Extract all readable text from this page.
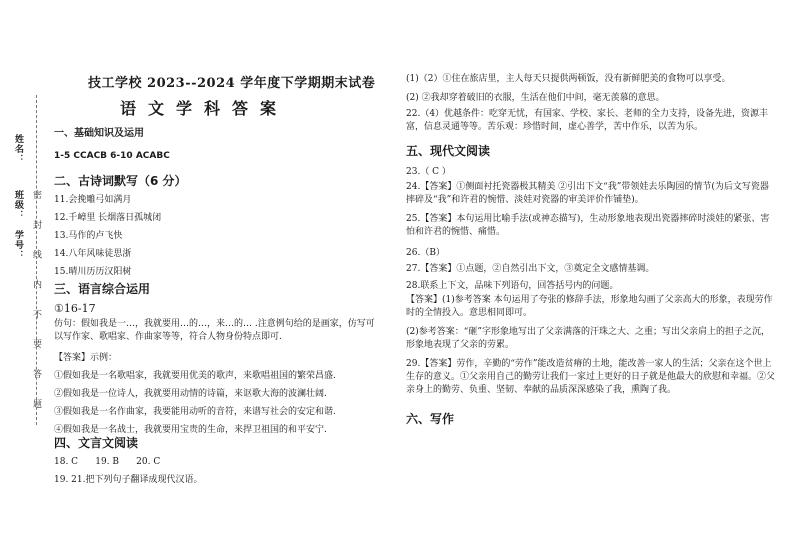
姓名：
班级：
学号： 密 封 线 内 不 要 答 题
技工学校 2023--2024 学年度下学期期末试卷
语文学科答案
一、基础知识及运用
1-5 CCACB 6-10 ACABC
二、古诗词默写（6 分）
11.会挽雕弓如满月
12.千嶂里 长烟落日孤城闭
13.马作的卢飞快
14.八年风味徒思浙
15.晴川历历汉阳树
三、语言综合运用
①16-17
仿句：假如我是一…，我就要用…的…，来…的… .注意例句给的是画家，仿写可以写作家、歌唱家、作曲家等等，符合人物身份特点即可.
【答案】示例：
①假如我是一名歌唱家，我就要用优美的歌声，来歌唱祖国的繁荣昌盛.
②假如我是一位诗人，我就要用动情的诗篇，来讴歌大海的波澜壮阔.
③假如我是一名作曲家，我要能用动听的音符，来谱写社会的安定和谐.
④假如我是一名战士，我就要用宝贵的生命，来捍卫祖国的和平安宁.
四、文言文阅读
18. C      19. B      20. C
19. 21.把下列句子翻译成现代汉语。
(1)（2）①住在旅店里，主人每天只提供两顿饭，没有新鲜肥美的食物可以享受。
(2) ②我却穿着破旧的衣服，生活在他们中间，毫无羡慕的意思。
22.（4）优越条件：吃穿无忧，有国家、学校、家长、老师的全力支持，设备先进，资源丰富，信息灵通等等。苦乐观：珍惜时间，虚心善学，苦中作乐，以苦为乐。
五、现代文阅读
23.（ C ）
24.【答案】①侧面衬托瓷器极其精美 ②引出下文“我”带领娃去乐陶园的情节(为后文写瓷器摔碎及“我”和许君的惋惜、淡娃对瓷器的审美评价作铺垫)。
25.【答案】本句运用比喻手法(或神态描写)，生动形象地表现出瓷器摔碎时淡娃的紧张、害怕和许君的惋惜、痛惜。
26.（B）
27.【答案】①点题，②自然引出下文，③奠定全文感情基调。
28.联系上下文，品味下列语句，回答括号内的问题。
【答案】(1)参考答案 本句运用了夸张的修辞手法，形象地勾画了父亲高大的形象，表现劳作时的全情投入。意思相同即可。
(2)参考答案：“砸”字形象地写出了父亲满落的汗珠之大、之重；写出父亲肩上的担子之沉，形象地表现了父亲的劳累。
29.【答案】劳作，辛勤的“劳作”能改造贫瘠的土地，能改善一家人的生活；父亲在这个世上生存的意义。①父亲用自己的勤劳让我们一家过上更好的日子就是他最大的欣慰和幸福。②父亲身上的勤劳、负重、坚韧、奉献的品质深深感染了我，熏陶了我。
六、写作
